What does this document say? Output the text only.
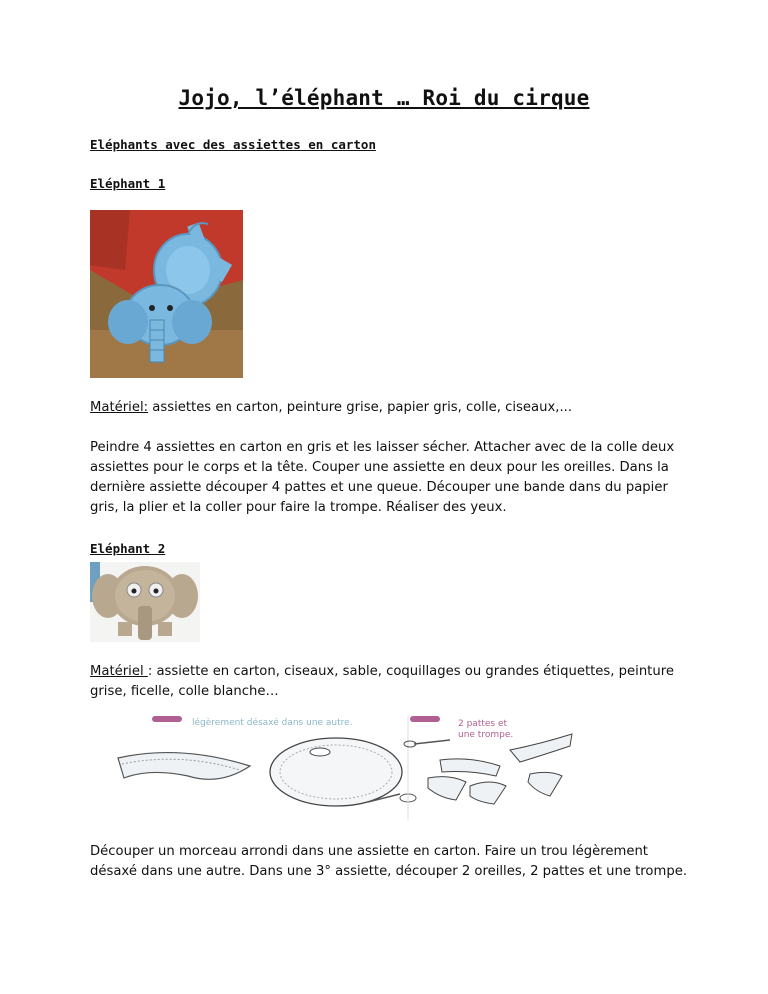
Jojo, l’éléphant … Roi du cirque
Eléphants avec des assiettes en carton
Eléphant 1

Matériel: assiettes en carton, peinture grise, papier gris, colle, ciseaux,...

Peindre 4 assiettes en carton en gris et les laisser sécher. Attacher avec de la colle deux assiettes pour le corps et la tête. Couper une assiette en deux pour les oreilles. Dans la dernière assiette découper 4 pattes et une queue. Découper une bande dans du papier gris, la plier et la coller pour faire la trompe. Réaliser des yeux.

Eléphant 2

Matériel : assiette en carton, ciseaux, sable, coquillages ou grandes étiquettes, peinture grise, ficelle, colle blanche…

légèrement désaxé dans une autre.	2 pattes et
une trompe.

Découper un morceau arrondi dans une assiette en carton. Faire un trou légèrement désaxé dans une autre. Dans une 3° assiette, découper 2 oreilles, 2 pattes et une trompe.
